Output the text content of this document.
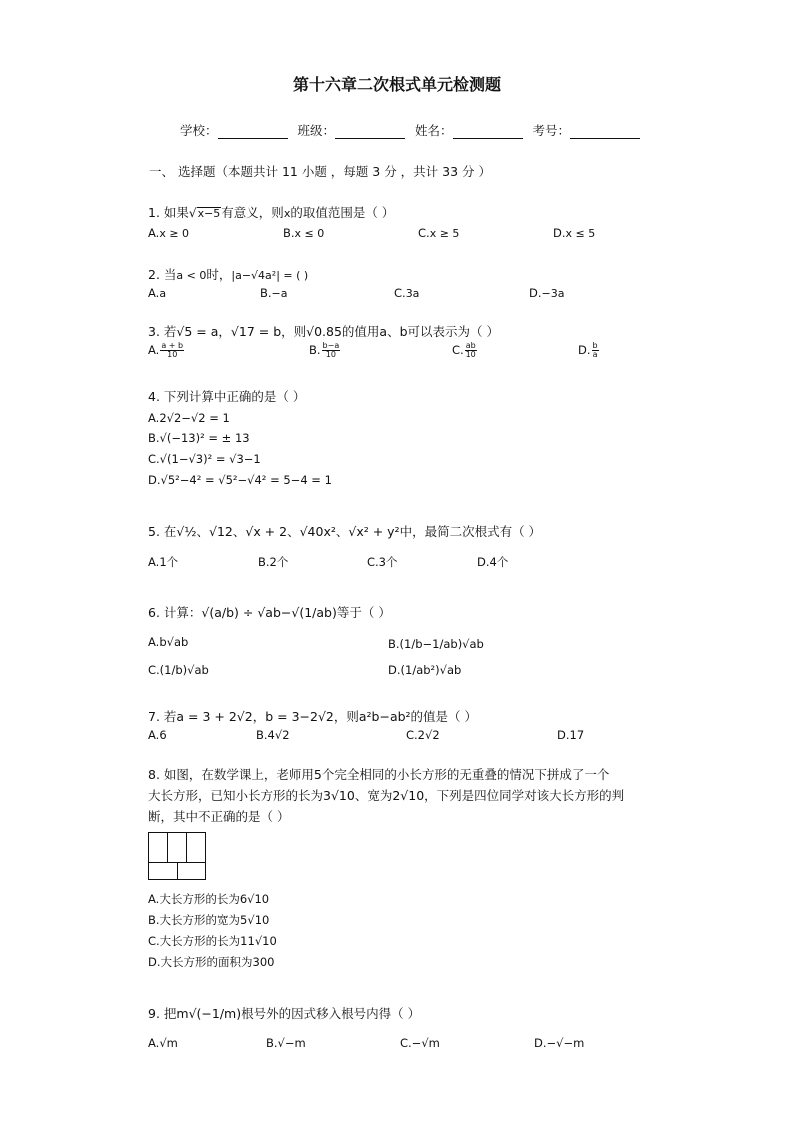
第十六章二次根式单元检测题
学校：	班级：	姓名：	考号：
一、 选择题（本题共计 11 小题 ，每题 3 分 ，共计 33 分 ）
1. 如果√x−5有意义，则x的取值范围是（ ）
A.x ≥ 0	B.x ≤ 0	C.x ≥ 5	D.x ≤ 5
2. 当a < 0时，|a−√4a²| = ( )
A.a	B.−a	C.3a	D.−3a
3. 若√5 = a，√17 = b，则√0.85的值用a、b可以表示为（ ）
A. $\frac{a + b}{10}$	B. $\frac{b-a}{10}$	C. $\frac{ab}{10}$	D. $\frac{b}{a}$
4. 下列计算中正确的是（ ）
A.2√2−√2 = 1
B.√(−13)² = ± 13
C.√(1−√3)² = √3−1
D.√5²−4² = √5²−√4² = 5−4 = 1
5. 在√½、√12、√x + 2、√40x²、√x² + y²中，最简二次根式有（ ）
A.1个	B.2个	C.3个	D.4个
6. 计算：√(a/b) ÷ √ab−√(1/ab)等于（ ）
A.b√ab	B.(1/b−1/ab)√ab
C.(1/b)√ab	D.(1/ab²)√ab
7. 若a = 3 + 2√2，b = 3−2√2，则a²b−ab²的值是（ ）
A.6	B.4√2	C.2√2	D.17
8. 如图，在数学课上，老师用5个完全相同的小长方形的无重叠的情况下拼成了一个
大长方形，已知小长方形的长为3√10、宽为2√10，下列是四位同学对该大长方形的判
断，其中不正确的是（ ）
A.大长方形的长为6√10
B.大长方形的宽为5√10
C.大长方形的长为11√10
D.大长方形的面积为300
9. 把m√(−1/m)根号外的因式移入根号内得（ ）
A.√m	B.√−m	C.−√m	D.−√−m
